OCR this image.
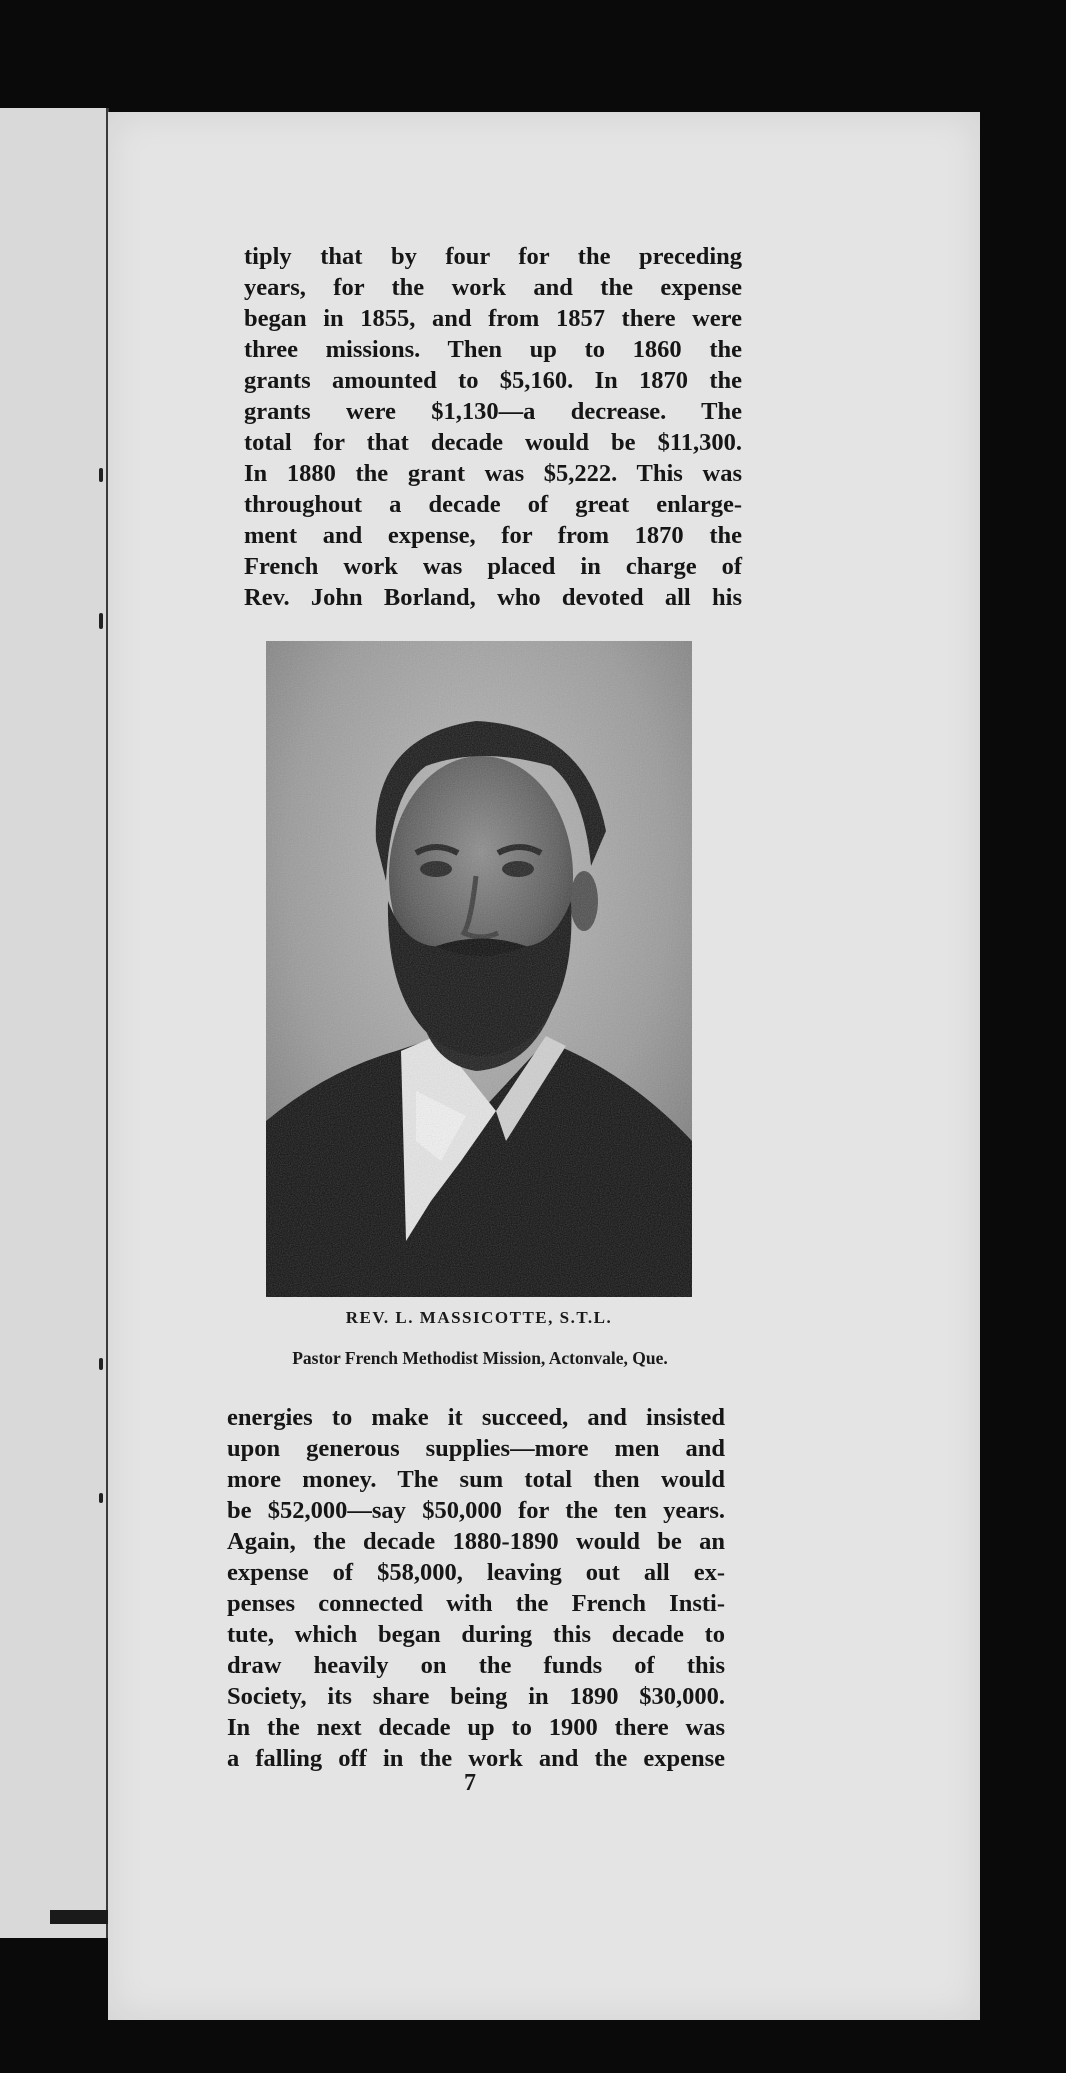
tiply that by four for the preceding
years, for the work and the expense
began in 1855, and from 1857 there were
three missions. Then up to 1860 the
grants amounted to $5,160. In 1870 the
grants were $1,130—a decrease. The
total for that decade would be $11,300.
In 1880 the grant was $5,222. This was
throughout a decade of great enlarge-
ment and expense, for from 1870 the
French work was placed in charge of
Rev. John Borland, who devoted all his
REV. L. MASSICOTTE, S.T.L.
Pastor French Methodist Mission, Actonvale, Que.
energies to make it succeed, and insisted
upon generous supplies—more men and
more money. The sum total then would
be $52,000—say $50,000 for the ten years.
Again, the decade 1880-1890 would be an
expense of $58,000, leaving out all ex-
penses connected with the French Insti-
tute, which began during this decade to
draw heavily on the funds of this
Society, its share being in 1890 $30,000.
In the next decade up to 1900 there was
a falling off in the work and the expense
7
